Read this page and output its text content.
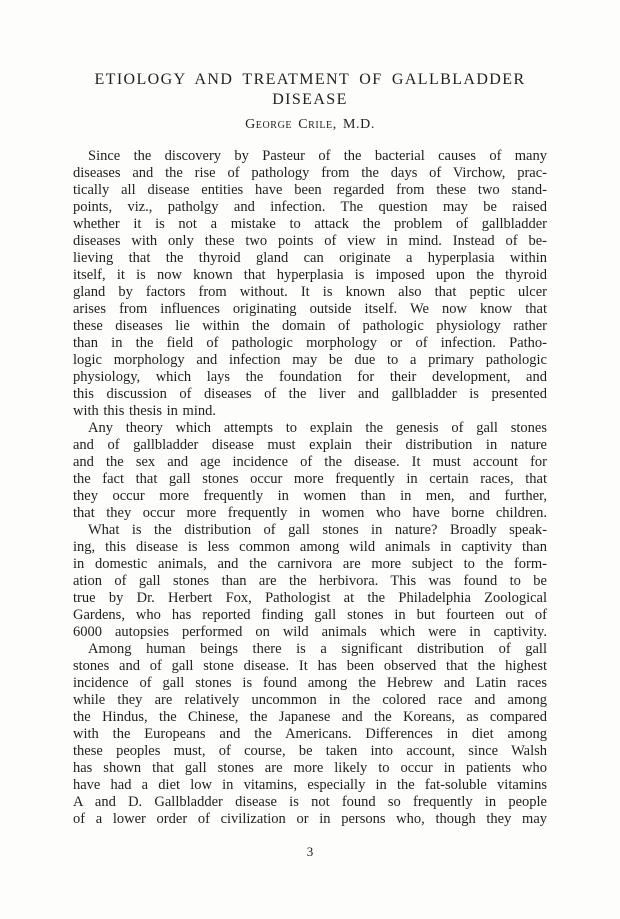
ETIOLOGY AND TREATMENT OF GALLBLADDER
DISEASE
George Crile, M.D.
Since the discovery by Pasteur of the bacterial causes of many
diseases and the rise of pathology from the days of Virchow, prac-
tically all disease entities have been regarded from these two stand-
points, viz., patholgy and infection. The question may be raised
whether it is not a mistake to attack the problem of gallbladder
diseases with only these two points of view in mind. Instead of be-
lieving that the thyroid gland can originate a hyperplasia within
itself, it is now known that hyperplasia is imposed upon the thyroid
gland by factors from without. It is known also that peptic ulcer
arises from influences originating outside itself. We now know that
these diseases lie within the domain of pathologic physiology rather
than in the field of pathologic morphology or of infection. Patho-
logic morphology and infection may be due to a primary pathologic
physiology, which lays the foundation for their development, and
this discussion of diseases of the liver and gallbladder is presented
with this thesis in mind.
Any theory which attempts to explain the genesis of gall stones
and of gallbladder disease must explain their distribution in nature
and the sex and age incidence of the disease. It must account for
the fact that gall stones occur more frequently in certain races, that
they occur more frequently in women than in men, and further,
that they occur more frequently in women who have borne children.
What is the distribution of gall stones in nature? Broadly speak-
ing, this disease is less common among wild animals in captivity than
in domestic animals, and the carnivora are more subject to the form-
ation of gall stones than are the herbivora. This was found to be
true by Dr. Herbert Fox, Pathologist at the Philadelphia Zoological
Gardens, who has reported finding gall stones in but fourteen out of
6000 autopsies performed on wild animals which were in captivity.
Among human beings there is a significant distribution of gall
stones and of gall stone disease. It has been observed that the highest
incidence of gall stones is found among the Hebrew and Latin races
while they are relatively uncommon in the colored race and among
the Hindus, the Chinese, the Japanese and the Koreans, as compared
with the Europeans and the Americans. Differences in diet among
these peoples must, of course, be taken into account, since Walsh
has shown that gall stones are more likely to occur in patients who
have had a diet low in vitamins, especially in the fat-soluble vitamins
A and D. Gallbladder disease is not found so frequently in people
of a lower order of civilization or in persons who, though they may
3
